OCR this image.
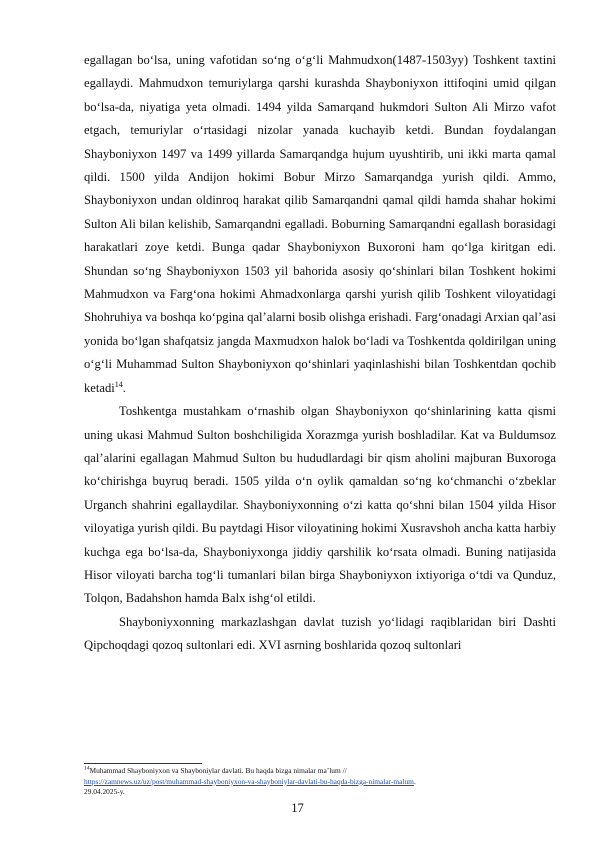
egallagan bo‘lsa, uning vafotidan so‘ng o‘g‘li Mahmudxon(1487-1503yy) Toshkent taxtini egallaydi. Mahmudxon temuriylarga qarshi kurashda Shayboniyxon ittifoqini umid qilgan bo‘lsa-da, niyatiga yeta olmadi. 1494 yilda Samarqand hukmdori Sulton Ali Mirzo vafot etgach, temuriylar o‘rtasidagi nizolar yanada kuchayib ketdi. Bundan foydalangan Shayboniyxon 1497 va 1499 yillarda Samarqandga hujum uyushtirib, uni ikki marta qamal qildi. 1500 yilda Andijon hokimi Bobur Mirzo Samarqandga yurish qildi. Ammo, Shayboniyxon undan oldinroq harakat qilib Samarqandni qamal qildi hamda shahar hokimi Sulton Ali bilan kelishib, Samarqandni egalladi. Boburning Samarqandni egallash borasidagi harakatlari zoye ketdi. Bunga qadar Shayboniyxon Buxoroni ham qo‘lga kiritgan edi. Shundan so‘ng Shayboniyxon 1503 yil bahorida asosiy qo‘shinlari bilan Toshkent hokimi Mahmudxon va Farg‘ona hokimi Ahmadxonlarga qarshi yurish qilib Toshkent viloyatidagi Shohruhiya va boshqa ko‘pgina qal’alarni bosib olishga erishadi. Farg‘onadagi Arxian qal’asi yonida bo‘lgan shafqatsiz jangda Maxmudxon halok bo‘ladi va Toshkentda qoldirilgan uning o‘g‘li Muhammad Sulton Shayboniyxon qo‘shinlari yaqinlashishi bilan Toshkentdan qochib ketadi$^{14}$.

Toshkentga mustahkam o‘rnashib olgan Shayboniyxon qo‘shinlarining katta qismi uning ukasi Mahmud Sulton boshchiligida Xorazmga yurish boshladilar. Kat va Buldumsoz qal’alarini egallagan Mahmud Sulton bu hududlardagi bir qism aholini majburan Buxoroga ko‘chirishga buyruq beradi. 1505 yilda o‘n oylik qamaldan so‘ng ko‘chmanchi o‘zbeklar Urganch shahrini egallaydilar. Shayboniyxonning o‘zi katta qo‘shni bilan 1504 yilda Hisor viloyatiga yurish qildi. Bu paytdagi Hisor viloyatining hokimi Xusravshoh ancha katta harbiy kuchga ega bo‘lsa-da, Shayboniyxonga jiddiy qarshilik ko‘rsata olmadi. Buning natijasida Hisor viloyati barcha tog‘li tumanlari bilan birga Shayboniyxon ixtiyoriga o‘tdi va Qunduz, Tolqon, Badahshon hamda Balx ishg‘ol etildi.

Shayboniyxonning markazlashgan davlat tuzish yo‘lidagi raqiblaridan biri Dashti Qipchoqdagi qozoq sultonlari edi. XVI asrning boshlarida qozoq sultonlari

$^{14}$Muhammad Shayboniyxon va Shayboniylar davlati. Bu haqda bizga nimalar ma’lum //
https://zamnews.uz/uz/post/muhammad-shayboniyxon-va-shayboniylar-davlati-bu-haqda-bizga-nimalar-malum.
29.04.2025-y.
17
